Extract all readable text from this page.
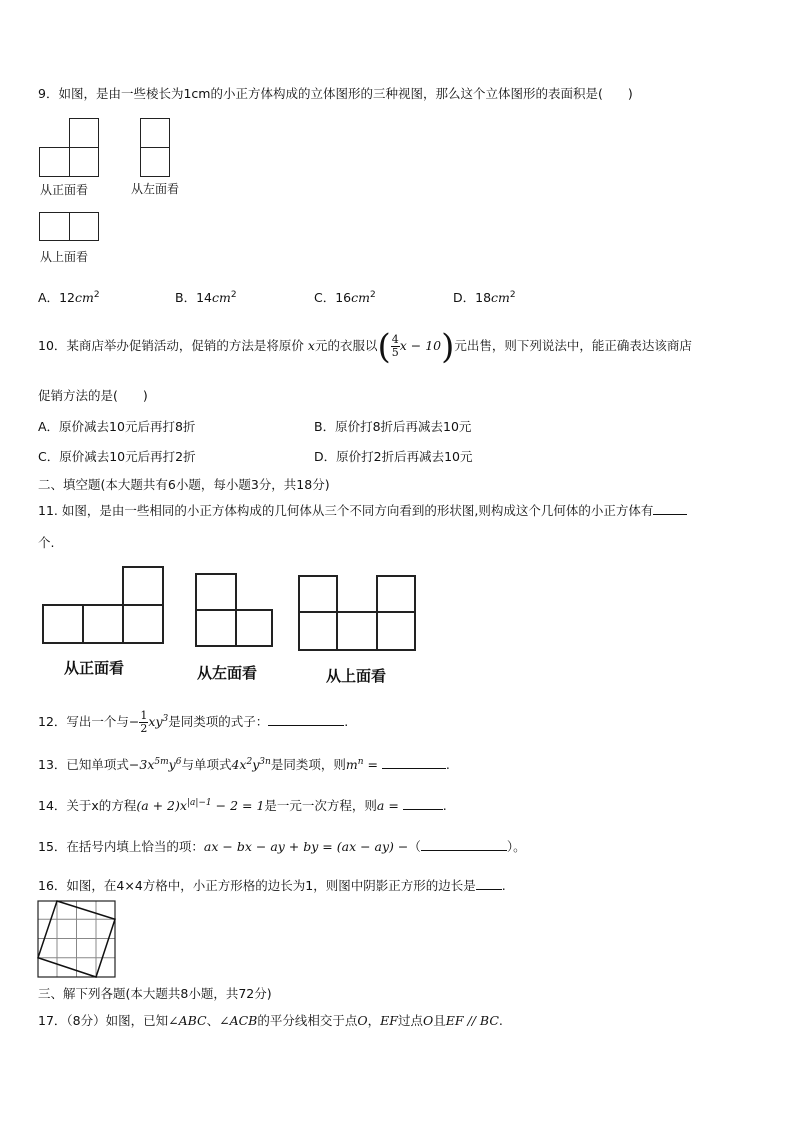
9．如图，是由一些棱长为1cm的小正方体构成的立体图形的三种视图，那么这个立体图形的表面积是(　　)
从正面看	从左面看
从上面看
A．$12cm^2$	B．$14cm^2$	C．$16cm^2$	D．$18cm^2$
10．某商店举办促销活动，促销的方法是将原价 x元的衣服以( $\frac{4}{5}$ x − 10)元出售，则下列说法中，能正确表达该商店
促销方法的是(　　)
A．原价减去10元后再打8折	B．原价打8折后再减去10元
C．原价减去10元后再打2折	D．原价打2折后再减去10元
二、填空题(本大题共有6小题，每小题3分，共18分)
11. 如图，是由一些相同的小正方体构成的几何体从三个不同方向看到的形状图,则构成这个几何体的小正方体有
个.
从正面看	从左面看	从上面看
12．写出一个与− $\frac{1}{2} xy^3$是同类项的式子：	.
13．已知单项式$-3x^{5m}y^6$与单项式$4x^2y^{3n}$是同类项，则$m^n$ =	.
14．关于x的方程$(a + 2)x^{|a|-1} - 2 = 1$是一元一次方程，则a =	.
15．在括号内填上恰当的项：ax − bx − ay + by = (ax − ay) −（	）。
16．如图，在4×4方格中，小正方形格的边长为1，则图中阴影正方形的边长是 .
三、解下列各题(本大题共8小题，共72分)
17．（8分）如图，已知∠ABC、∠ACB的平分线相交于点O，EF过点O且EF // BC.
